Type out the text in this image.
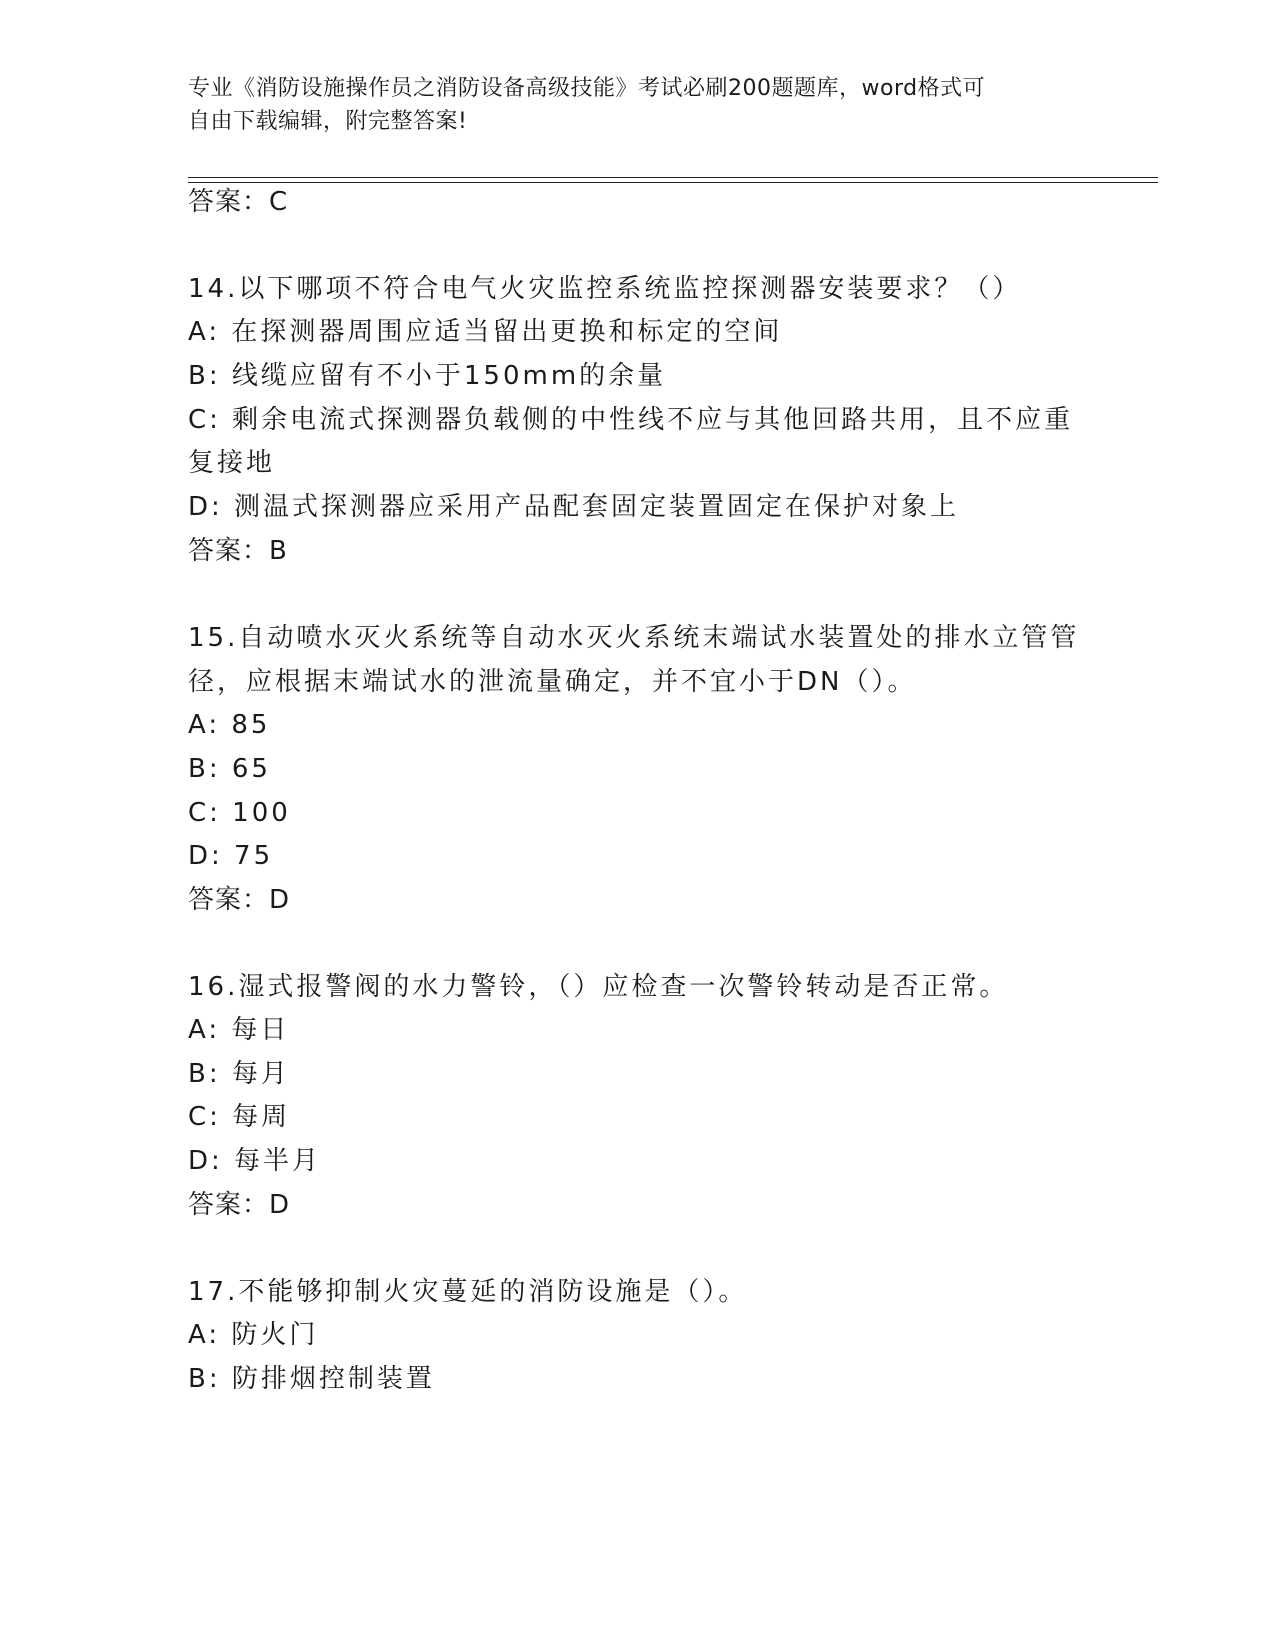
专业《消防设施操作员之消防设备高级技能》考试必刷200题题库，word格式可
自由下载编辑，附完整答案!
答案：C
14.以下哪项不符合电气火灾监控系统监控探测器安装要求？（）
A: 在探测器周围应适当留出更换和标定的空间
B: 线缆应留有不小于150mm的余量
C: 剩余电流式探测器负载侧的中性线不应与其他回路共用，且不应重
复接地
D: 测温式探测器应采用产品配套固定装置固定在保护对象上
答案：B
15.自动喷水灭火系统等自动水灭火系统末端试水装置处的排水立管管
径，应根据末端试水的泄流量确定，并不宜小于DN（）。
A: 85
B: 65
C: 100
D: 75
答案：D
16.湿式报警阀的水力警铃，（）应检查一次警铃转动是否正常。
A: 每日
B: 每月
C: 每周
D: 每半月
答案：D
17.不能够抑制火灾蔓延的消防设施是（）。
A: 防火门
B: 防排烟控制装置
